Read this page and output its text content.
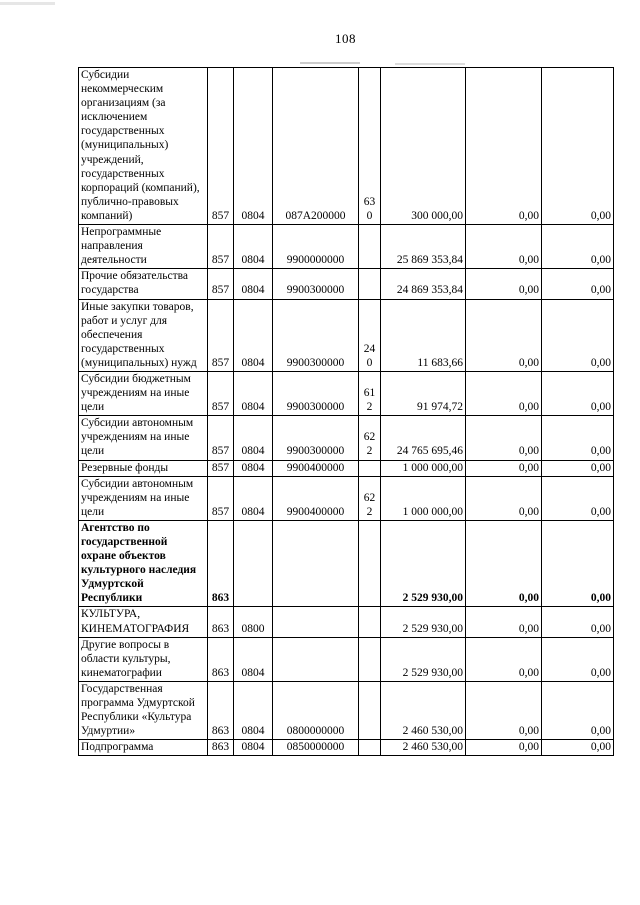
108
Субсидии некоммерческим организациям (за исключением государственных (муниципальных) учреждений, государственных корпораций (компаний), публично-правовых компаний)	857	0804	087A200000	630	300 000,00	0,00	0,00
Непрограммные направления деятельности	857	0804	9900000000		25 869 353,84	0,00	0,00
Прочие обязательства государства	857	0804	9900300000		24 869 353,84	0,00	0,00
Иные закупки товаров, работ и услуг для обеспечения государственных (муниципальных) нужд	857	0804	9900300000	240	11 683,66	0,00	0,00
Субсидии бюджетным учреждениям на иные цели	857	0804	9900300000	612	91 974,72	0,00	0,00
Субсидии автономным учреждениям на иные цели	857	0804	9900300000	622	24 765 695,46	0,00	0,00
Резервные фонды	857	0804	9900400000		1 000 000,00	0,00	0,00
Субсидии автономным учреждениям на иные цели	857	0804	9900400000	622	1 000 000,00	0,00	0,00
Агентство по государственной охране объектов культурного наследия Удмуртской Республики	863				2 529 930,00	0,00	0,00
КУЛЬТУРА, КИНЕМАТОГРАФИЯ	863	0800			2 529 930,00	0,00	0,00
Другие вопросы в области культуры, кинематографии	863	0804			2 529 930,00	0,00	0,00
Государственная программа Удмуртской Республики «Культура Удмуртии»	863	0804	0800000000		2 460 530,00	0,00	0,00
Подпрограмма	863	0804	0850000000		2 460 530,00	0,00	0,00
